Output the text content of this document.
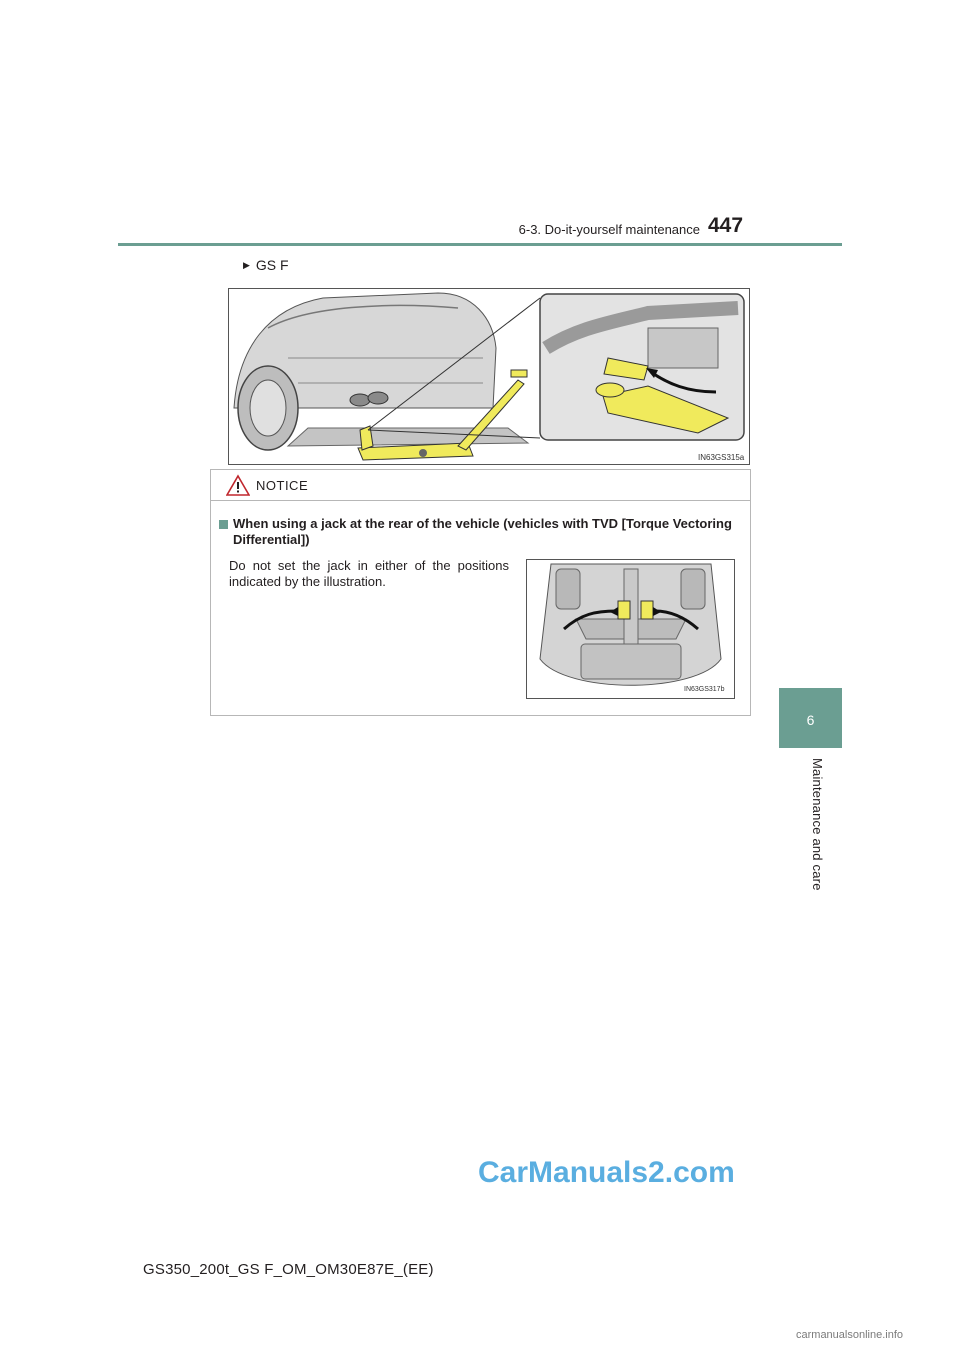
6-3. Do-it-yourself maintenance 447
6
Maintenance and care
▶ GS F
IN63GS315a
NOTICE
When using a jack at the rear of the vehicle (vehicles with TVD [Torque Vectoring Differential])
Do not set the jack in either of the positions indicated by the illustration.
IN63GS317b
GS350_200t_GS F_OM_OM30E87E_(EE)
CarManuals2.com
carmanualsonline.info
